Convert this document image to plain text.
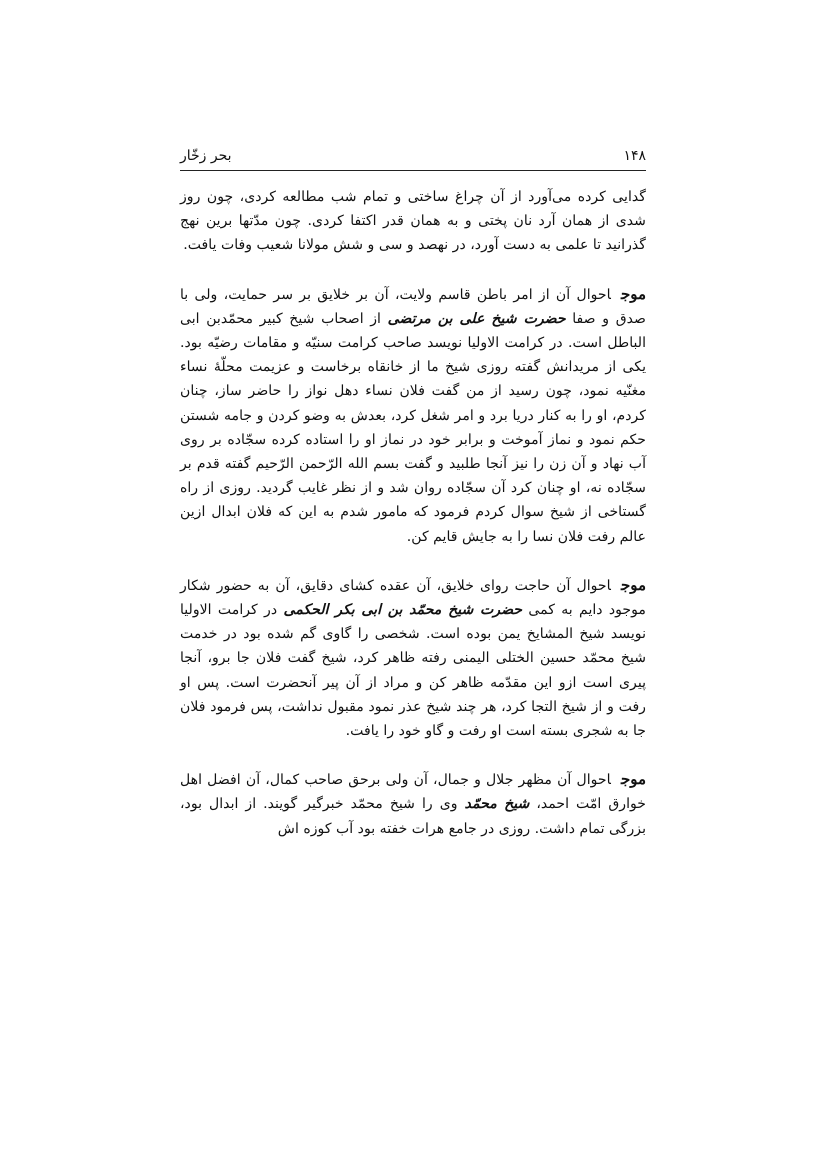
۱۴۸
بحر زخّار

گدایی کرده می‌آورد از آن چراغ ساختی و تمام شب مطالعه کردی، چون روز شدی از همان آرد نان پختی و به همان قدر اکتفا کردی. چون مدّتها برین نهج گذرانید تا علمی به دست آورد، در نهصد و سی و شش مولانا شعیب وفات یافت.

موجاحوال آن از امر باطن قاسم ولایت، آن بر خلایق بر سر حمایت، ولی با صدق و صفا حضرت شیخ علی بن مرتضی از اصحاب شیخ کبیر محمّدبن ابی الباطل است. در کرامت الاولیا نویسد صاحب کرامت سنیّه و مقامات رضیّه بود. یکی از مریدانش گفته روزی شیخ ما از خانقاه برخاست و عزیمت محلّهٔ نساء مغنّیه نمود، چون رسید از من گفت فلان نساء دهل نواز را حاضر ساز، چنان کردم، او را به کنار دریا برد و امر شغل کرد، بعدش به وضو کردن و جامه شستن حکم نمود و نماز آموخت و برابر خود در نماز او را استاده کرده سجّاده بر روی آب نهاد و آن زن را نیز آنجا طلبید و گفت بسم الله الرّحمن الرّحیم گفته قدم بر سجّاده نه، او چنان کرد آن سجّاده روان شد و از نظر غایب گردید. روزی از راه گستاخی از شیخ سوال کردم فرمود که مامور شدم به این که فلان ابدال ازین عالم رفت فلان نسا را به جایش قایم کن.

موجاحوال آن حاجت روای خلایق، آن عقده کشای دقایق، آن به حضور شکار موجود دایم به کمی حضرت شیخ محمّد بن ابی بکر الحکمی در کرامت الاولیا نویسد شیخ المشایخ یمن بوده است. شخصی را گاوی گم شده بود در خدمت شیخ محمّد حسین الختلی الیمنی رفته ظاهر کرد، شیخ گفت فلان جا برو، آنجا پیری است ازو این مقدّمه ظاهر کن و مراد از آن پیر آنحضرت است. پس او رفت و از شیخ التجا کرد، هر چند شیخ عذر نمود مقبول نداشت، پس فرمود فلان جا به شجری بسته است او رفت و گاو خود را یافت.

موجاحوال آن مظهر جلال و جمال، آن ولی برحق صاحب کمال، آن افضل اهل خوارق امّت احمد، شیخ محمّد وی را شیخ محمّد خبرگیر گویند. از ابدال بود، بزرگی تمام داشت. روزی در جامع هرات خفته بود آب کوزه اش
